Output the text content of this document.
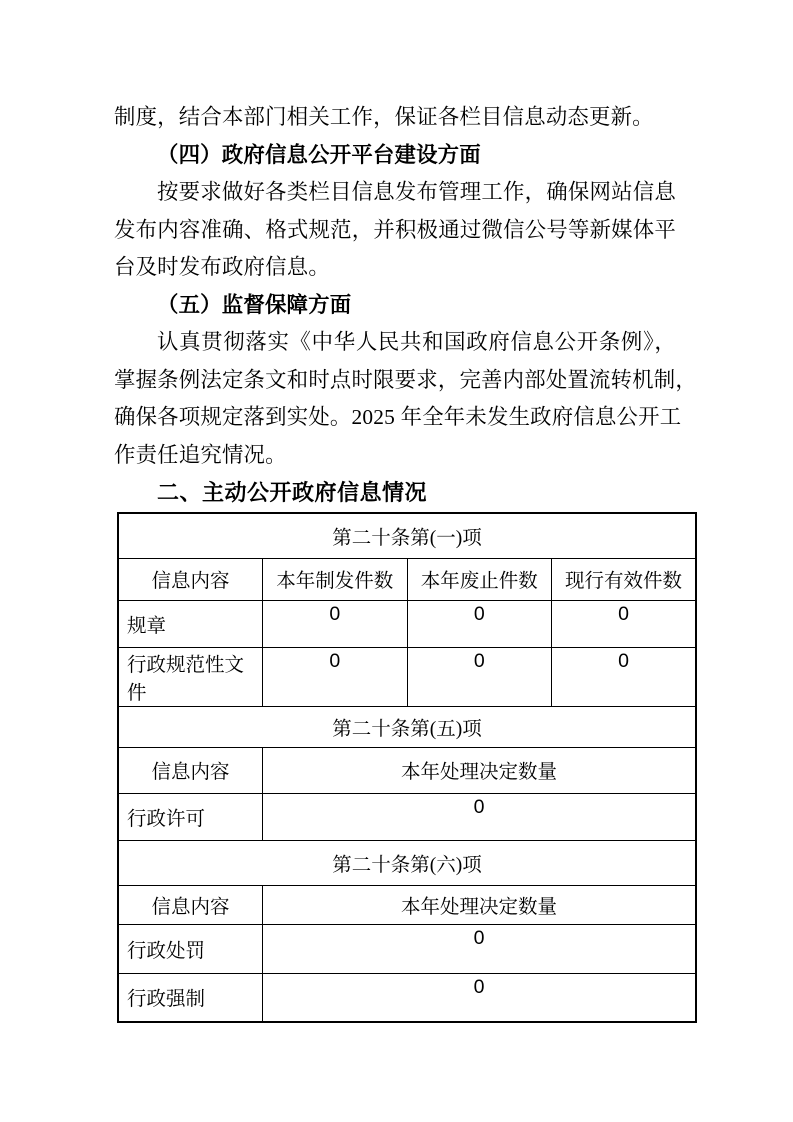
制度，结合本部门相关工作，保证各栏目信息动态更新。
（四）政府信息公开平台建设方面
按要求做好各类栏目信息发布管理工作，确保网站信息
发布内容准确、格式规范，并积极通过微信公号等新媒体平
台及时发布政府信息。
（五）监督保障方面
认真贯彻落实《中华人民共和国政府信息公开条例》，
掌握条例法定条文和时点时限要求，完善内部处置流转机制，
确保各项规定落到实处。2025 年全年未发生政府信息公开工
作责任追究情况。
二、主动公开政府信息情况
第二十条第(一)项			
信息内容	本年制发件数	本年废止件数	现行有效件数
规章	0	0	0
行政规范性文件	0	0	0
第二十条第(五)项			
信息内容	本年处理决定数量		
行政许可	0		
第二十条第(六)项			
信息内容	本年处理决定数量		
行政处罚	0		
行政强制	0		
